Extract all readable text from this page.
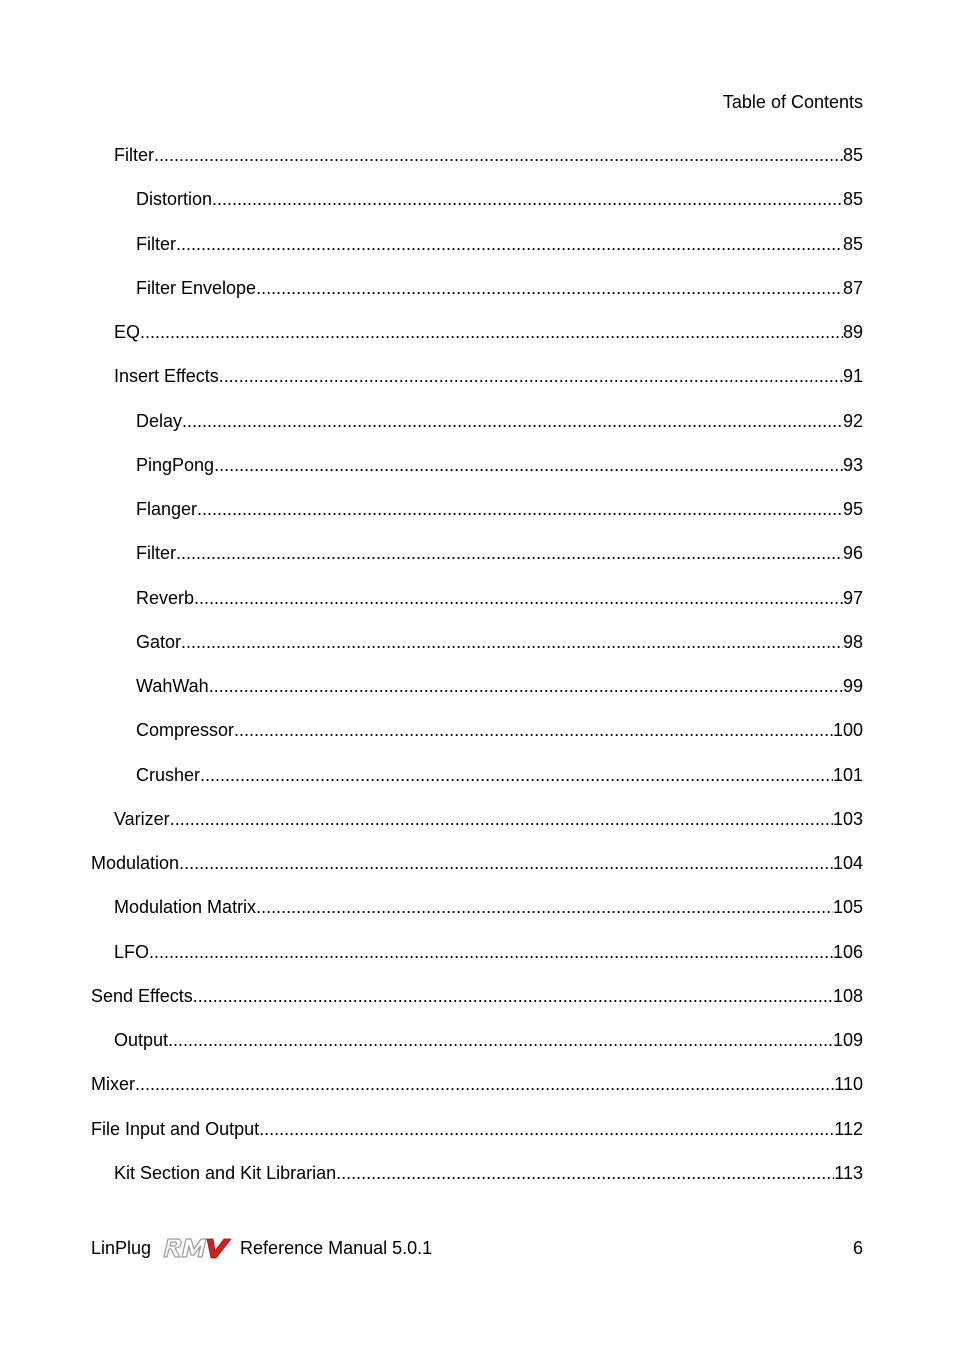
Table of Contents
Filter .....	85
Distortion .....	85
Filter .....	85
Filter Envelope .....	87
EQ .....	89
Insert Effects .....	91
Delay .....	92
PingPong .....	93
Flanger .....	95
Filter .....	96
Reverb .....	97
Gator .....	98
WahWah .....	99
Compressor .....	100
Crusher .....	101
Varizer .....	103
Modulation .....	104
Modulation Matrix .....	105
LFO .....	106
Send Effects .....	108
Output .....	109
Mixer .....	110
File Input and Output .....	112
Kit Section and Kit Librarian .....	113
LinPlug	Reference Manual 5.0.1	6
